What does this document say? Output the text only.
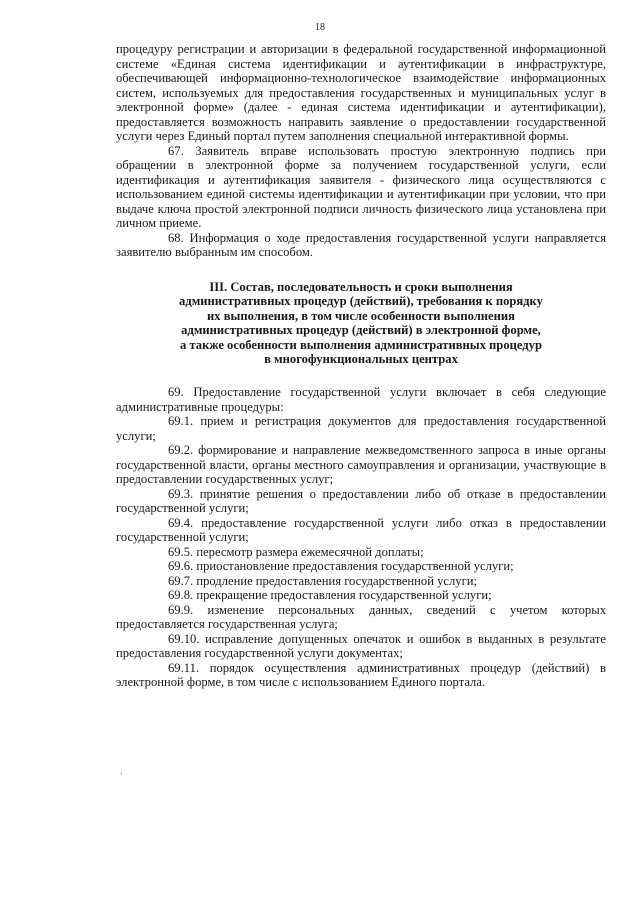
18

процедуру регистрации и авторизации в федеральной государственной информационной системе «Единая система идентификации и аутентификации в инфраструктуре, обеспечивающей информационно-технологическое взаимодействие информационных систем, используемых для предоставления государственных и муниципальных услуг в электронной форме» (далее - единая система идентификации и аутентификации), предоставляется возможность направить заявление о предоставлении государственной услуги через Единый портал путем заполнения специальной интерактивной формы.

67. Заявитель вправе использовать простую электронную подпись при обращении в электронной форме за получением государственной услуги, если идентификация и аутентификация заявителя - физического лица осуществляются с использованием единой системы идентификации и аутентификации при условии, что при выдаче ключа простой электронной подписи личность физического лица установлена при личном приеме.

68. Информация о ходе предоставления государственной услуги направляется заявителю выбранным им способом.

III. Состав, последовательность и сроки выполнения
административных процедур (действий), требования к порядку
их выполнения, в том числе особенности выполнения
административных процедур (действий) в электронной форме,
а также особенности выполнения административных процедур
в многофункциональных центрах

69. Предоставление государственной услуги включает в себя следующие административные процедуры:

69.1. прием и регистрация документов для предоставления государственной услуги;

69.2. формирование и направление межведомственного запроса в иные органы государственной власти, органы местного самоуправления и организации, участвующие в предоставлении государственных услуг;

69.3. принятие решения о предоставлении либо об отказе в предоставлении государственной услуги;

69.4. предоставление государственной услуги либо отказ в предоставлении государственной услуги;

69.5. пересмотр размера ежемесячной доплаты;

69.6. приостановление предоставления государственной услуги;

69.7. продление предоставления государственной услуги;

69.8. прекращение предоставления государственной услуги;

69.9. изменение персональных данных, сведений с учетом которых предоставляется государственная услуга;

69.10. исправление допущенных опечаток и ошибок в выданных в результате предоставления государственной услуги документах;

69.11. порядок осуществления административных процедур (действий) в электронной форме, в том числе с использованием Единого портала.
